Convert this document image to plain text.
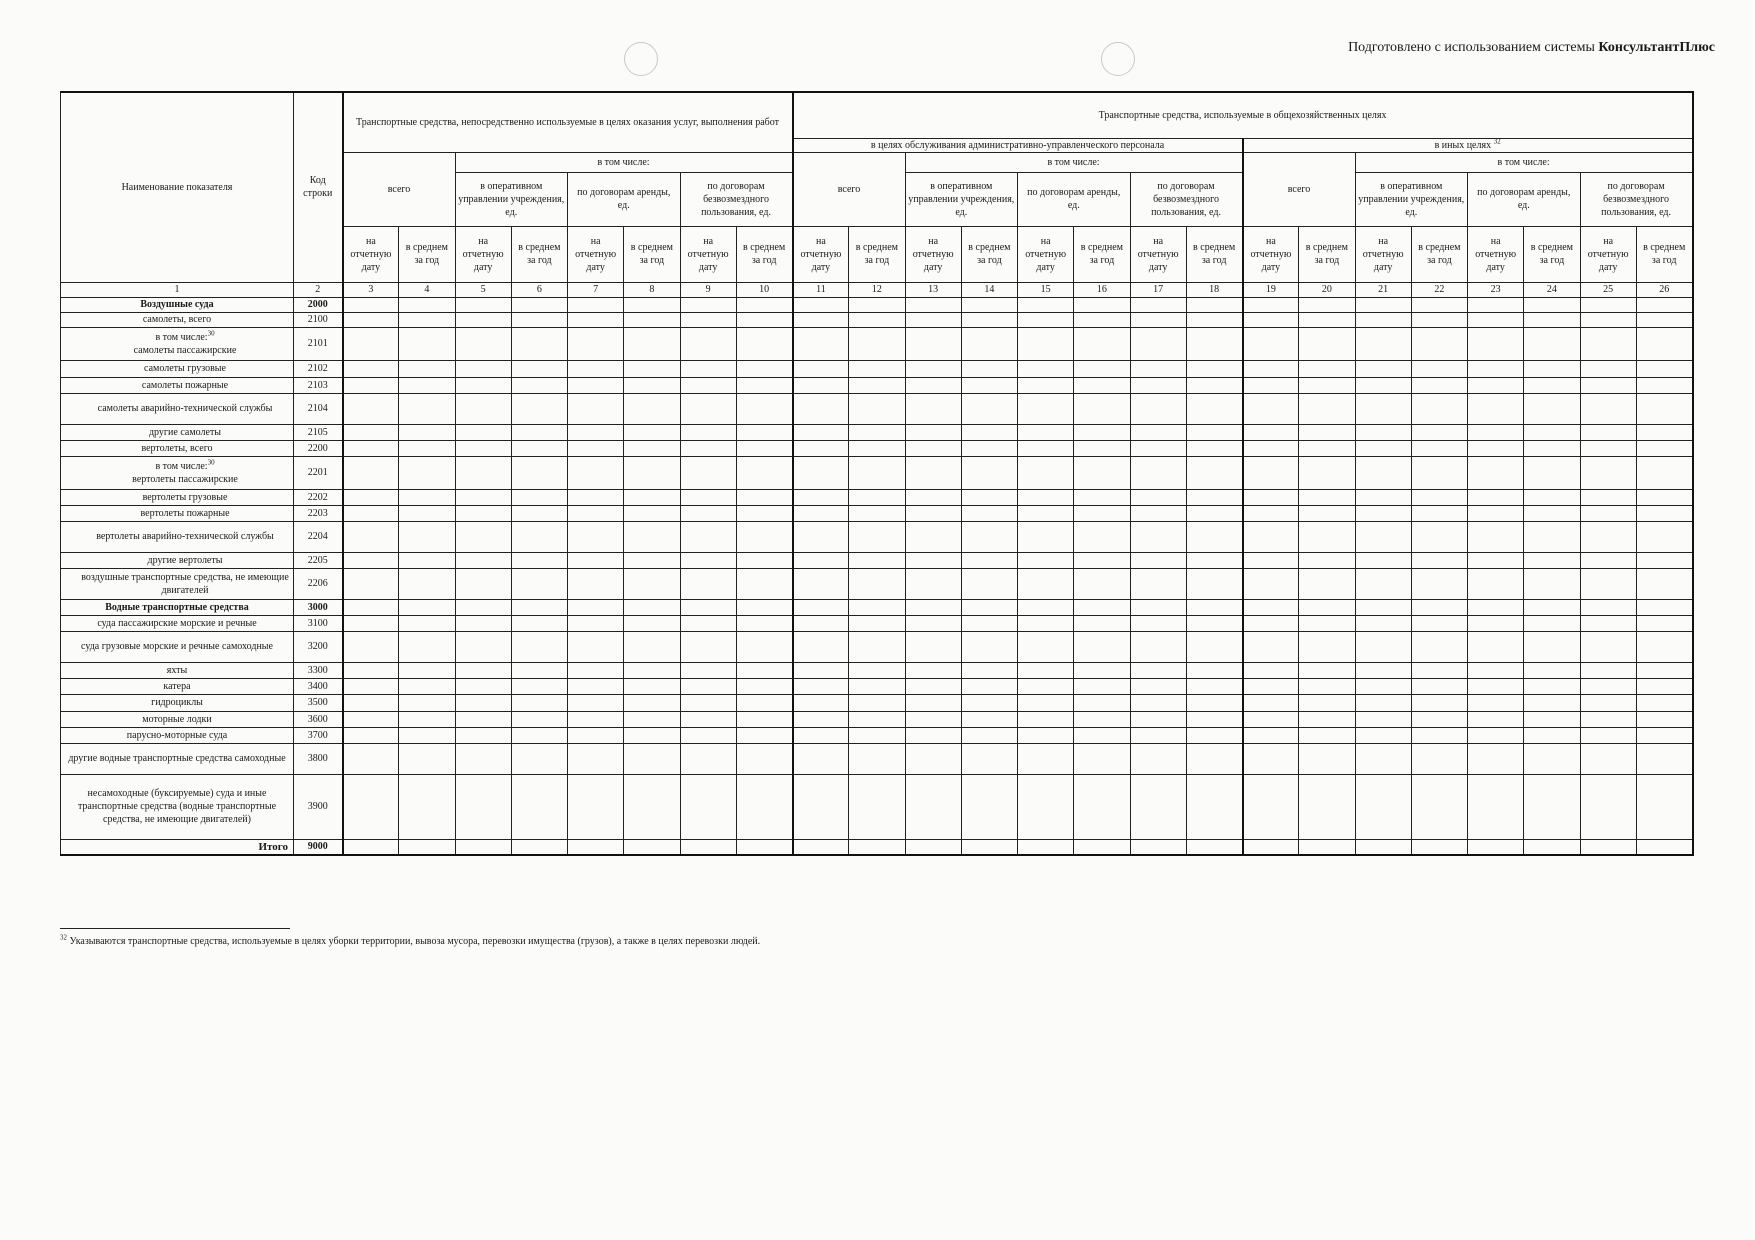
Подготовлено с использованием системы КонсультантПлюс
Наименование показателя	Код строки	Транспортные средства, непосредственно используемые в целях оказания услуг, выполнения работ								Транспортные средства, используемые в общехозяйственных целях															
										в целях обслуживания административно-управленческого персонала								в иных целях $^{32}$
		всего		в том числе:						всего		в том числе:						всего		в том числе:					
				в оперативном управлении учреждения, ед.		по договорам аренды, ед.		по договорам безвозмездного пользования, ед.				в оперативном управлении учреждения, ед.		по договорам аренды, ед.		по договорам безвозмездного пользования, ед.				в оперативном управлении учреждения, ед.		по договорам аренды, ед.		по договорам безвозмездного пользования, ед.	
		на отчетную дату	в среднем за год	на отчетную дату	в среднем за год	на отчетную дату	в среднем за год	на отчетную дату	в среднем за год	на отчетную дату	в среднем за год	на отчетную дату	в среднем за год	на отчетную дату	в среднем за год	на отчетную дату	в среднем за год	на отчетную дату	в среднем за год	на отчетную дату	в среднем за год	на отчетную дату	в среднем за год	на отчетную дату	в среднем за год
1	2	3	4	5	6	7	8	9	10	11	12	13	14	15	16	17	18	19	20	21	22	23	24	25	26
Воздушные суда	2000																								
самолеты, всего	2100																								

в том числе:$^{30}$
самолеты пассажирские	2101																								
самолеты грузовые	2102																								
самолеты пожарные	2103																								
самолеты аварийно-технической службы	2104																								
другие самолеты	2105																								
вертолеты, всего	2200																								

в том числе:$^{30}$
вертолеты пассажирские	2201																								
вертолеты грузовые	2202																								
вертолеты пожарные	2203																								
вертолеты аварийно-технической службы	2204																								
другие вертолеты	2205																								
воздушные транспортные средства, не имеющие двигателей	2206																								
Водные транспортные средства	3000																								
суда пассажирские морские и речные	3100																								
суда грузовые морские и речные самоходные	3200																								
яхты	3300																								
катера	3400																								
гидроциклы	3500																								
моторные лодки	3600																								
парусно-моторные суда	3700																								
другие водные транспортные средства самоходные	3800																								
несамоходные (буксируемые) суда и иные транспортные средства (водные транспортные средства, не имеющие двигателей)	3900																								
Итого	9000																								
$^{32}$ Указываются транспортные средства, используемые в целях уборки территории, вывоза мусора, перевозки имущества (грузов), а также в целях перевозки людей.
